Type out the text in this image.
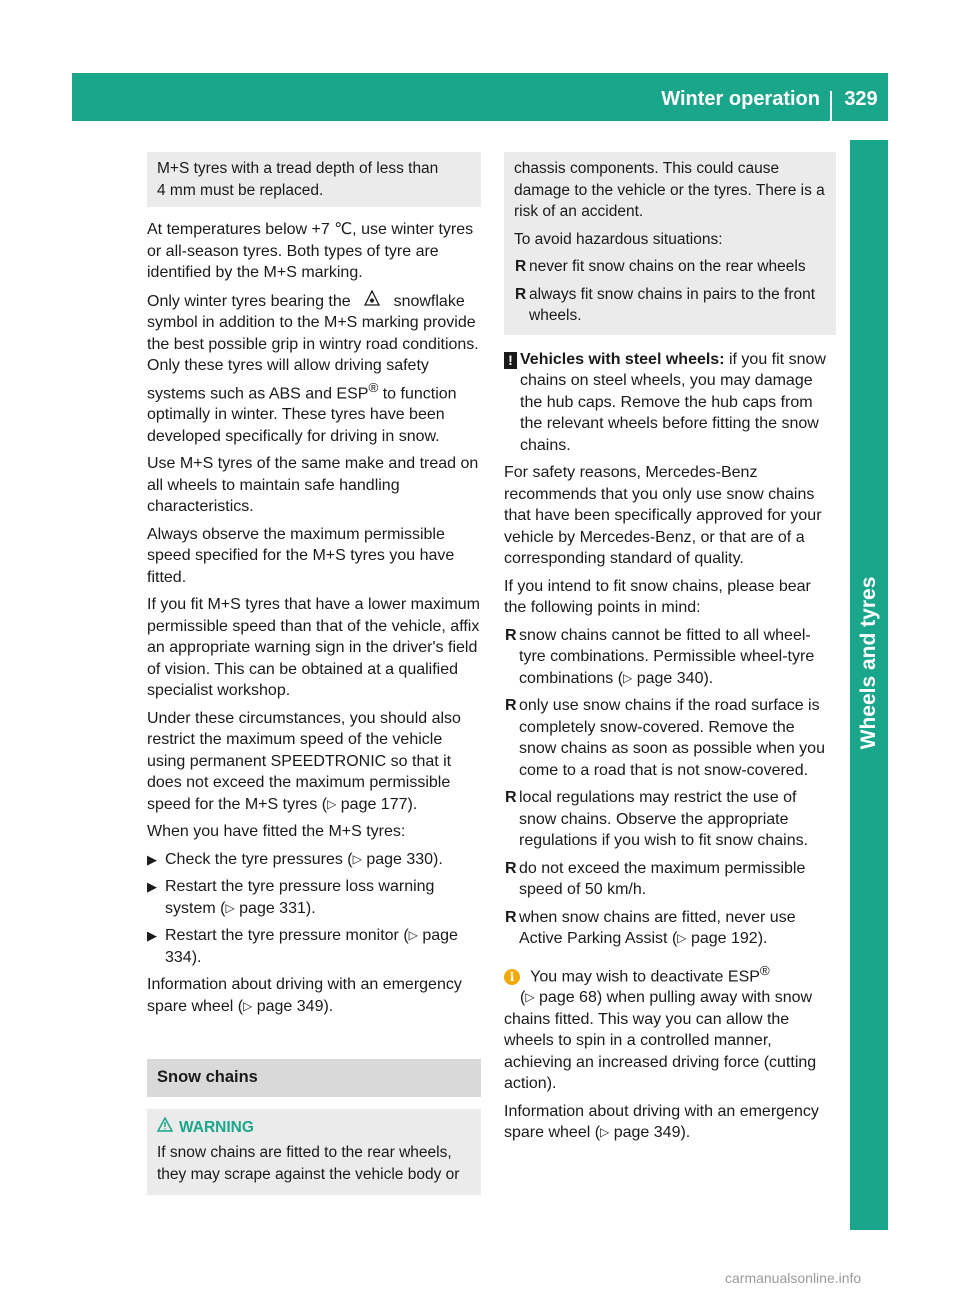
Winter operation	329
Wheels and tyres
M+S tyres with a tread depth of less than
4 mm must be replaced.

At temperatures below +7 ℃, use winter tyres or all-season tyres. Both types of tyre are identified by the M+S marking.

Only winter tyres bearing the	snowflake symbol in addition to the M+S marking provide the best possible grip in wintry road conditions. Only these tyres will allow driving safety systems such as ABS and ESP® to function optimally in winter. These tyres have been developed specifically for driving in snow.

Use M+S tyres of the same make and tread on all wheels to maintain safe handling characteristics.

Always observe the maximum permissible speed specified for the M+S tyres you have fitted.

If you fit M+S tyres that have a lower maximum permissible speed than that of the vehicle, affix an appropriate warning sign in the driver's field of vision. This can be obtained at a qualified specialist workshop.

Under these circumstances, you should also restrict the maximum speed of the vehicle using permanent SPEEDTRONIC so that it does not exceed the maximum permissible speed for the M+S tyres (▷ page 177).

When you have fitted the M+S tyres:

▶ Check the tyre pressures (▷ page 330).
▶ Restart the tyre pressure loss warning system (▷ page 331).
▶ Restart the tyre pressure monitor (▷ page 334).

Information about driving with an emergency spare wheel (▷ page 349).

Snow chains
WARNING
If snow chains are fitted to the rear wheels, they may scrape against the vehicle body or

chassis components. This could cause damage to the vehicle or the tyres. There is a risk of an accident.

To avoid hazardous situations:

R never fit snow chains on the rear wheels
R always fit snow chains in pairs to the front wheels.

! Vehicles with steel wheels: if you fit snow chains on steel wheels, you may damage the hub caps. Remove the hub caps from the relevant wheels before fitting the snow chains.

For safety reasons, Mercedes-Benz recommends that you only use snow chains that have been specifically approved for your vehicle by Mercedes-Benz, or that are of a corresponding standard of quality.

If you intend to fit snow chains, please bear the following points in mind:

R snow chains cannot be fitted to all wheel-tyre combinations. Permissible wheel-tyre combinations (▷ page 340).
R only use snow chains if the road surface is completely snow-covered. Remove the snow chains as soon as possible when you come to a road that is not snow-covered.
R local regulations may restrict the use of snow chains. Observe the appropriate regulations if you wish to fit snow chains.
R do not exceed the maximum permissible speed of 50 km/h.
R when snow chains are fitted, never use Active Parking Assist (▷ page 192).

i You may wish to deactivate ESP®
(▷ page 68) when pulling away with snow chains fitted. This way you can allow the wheels to spin in a controlled manner, achieving an increased driving force (cutting action).

Information about driving with an emergency spare wheel (▷ page 349).

carmanualsonline.info
